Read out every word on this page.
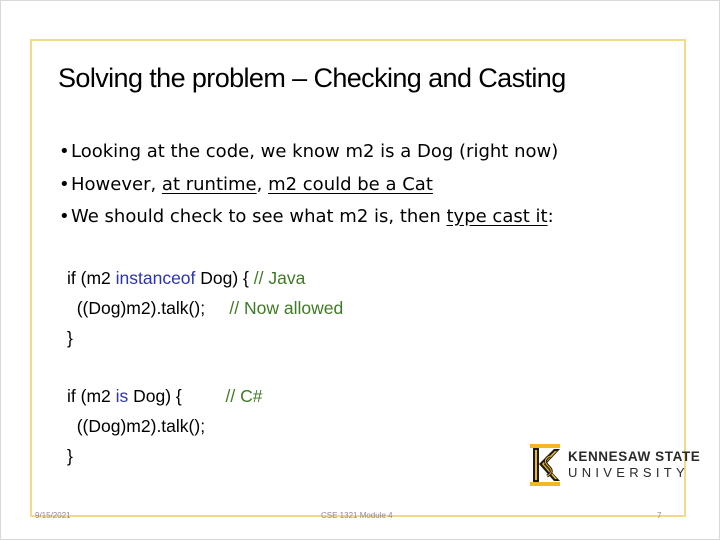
Solving the problem – Checking and Casting
•Looking at the code, we know m2 is a Dog (right now)
•However, at runtime, m2 could be a Cat
•We should check to see what m2 is, then type cast it:
if (m2 instanceof Dog) { // Java
((Dog)m2).talk();     // Now allowed
}
if (m2 is Dog) {         // C#
((Dog)m2).talk();
}	KENNESAW STATE
UNIVERSITY
9/15/2021	CSE 1321 Module 4	7
